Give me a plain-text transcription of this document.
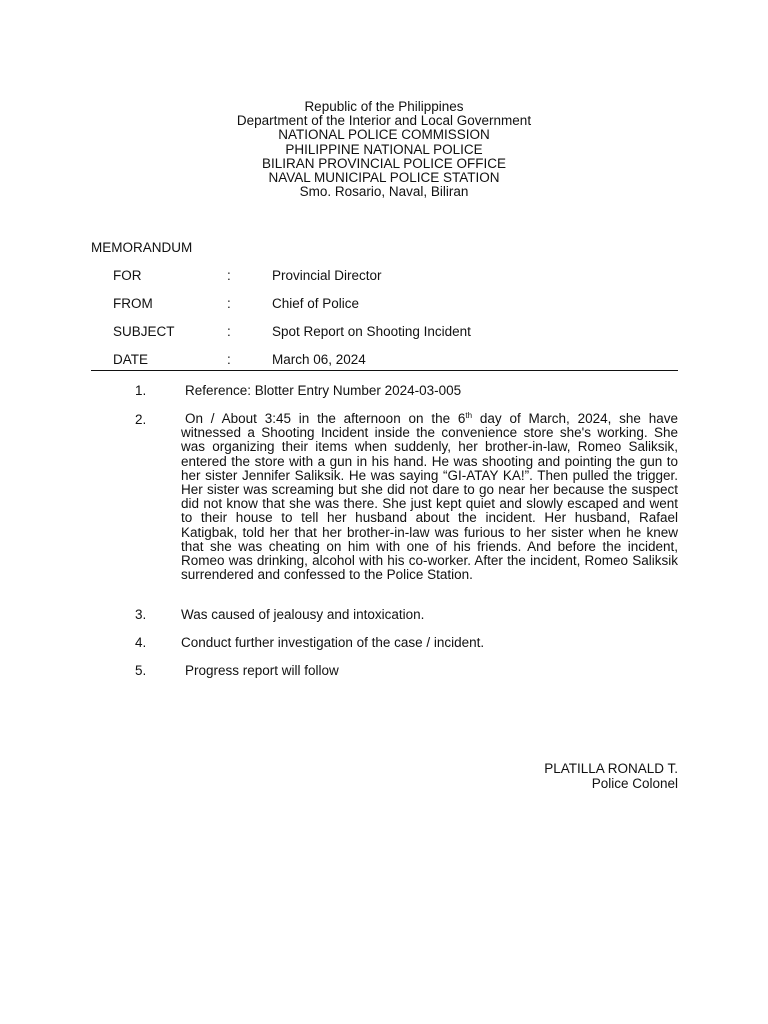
Republic of the Philippines
Department of the Interior and Local Government
NATIONAL POLICE COMMISSION
PHILIPPINE NATIONAL POLICE
BILIRAN PROVINCIAL POLICE OFFICE
NAVAL MUNICIPAL POLICE STATION
Smo. Rosario, Naval, Biliran
MEMORANDUM
FOR	:	Provincial Director
FROM	:	Chief of Police
SUBJECT	:	Spot Report on Shooting Incident
DATE	:	March 06, 2024
1.	Reference: Blotter Entry Number 2024-03-005
2.	On / About 3:45 in the afternoon on the 6th day of March, 2024, she have witnessed a Shooting Incident inside the convenience store she's working. She was organizing their items when suddenly, her brother-in-law, Romeo Saliksik, entered the store with a gun in his hand. He was shooting and pointing the gun to her sister Jennifer Saliksik. He was saying “GI-ATAY KA!”. Then pulled the trigger. Her sister was screaming but she did not dare to go near her because the suspect did not know that she was there. She just kept quiet and slowly escaped and went to their house to tell her husband about the incident. Her husband, Rafael Katigbak, told her that her brother-in-law was furious to her sister when he knew that she was cheating on him with one of his friends. And before the incident, Romeo was drinking, alcohol with his co-worker. After the incident, Romeo Saliksik surrendered and confessed to the Police Station.
3.	Was caused of jealousy and intoxication.
4.	Conduct further investigation of the case / incident.
5.	Progress report will follow
PLATILLA RONALD T.
Police Colonel
